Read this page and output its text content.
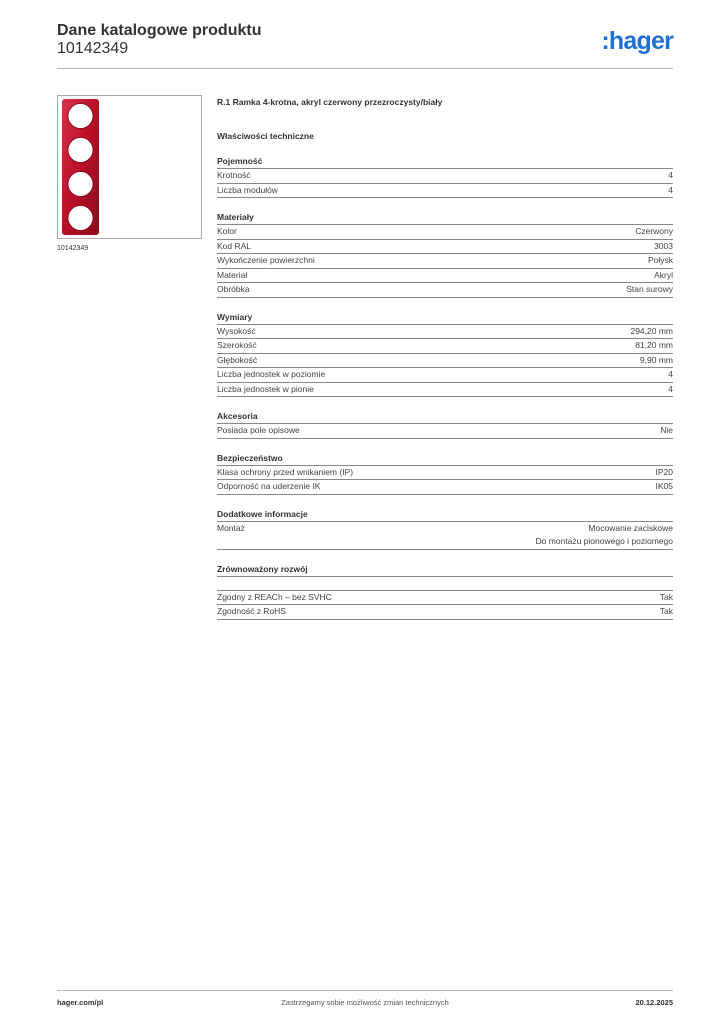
Dane katalogowe produktu
10142349	:hager
10142349
R.1 Ramka 4-krotna, akryl czerwony przezroczysty/biały
Właściwości techniczne
Pojemność
Krotność	4
Liczba modułów	4
Materiały
Kolor	Czerwony
Kod RAL	3003
Wykończenie powierzchni	Połysk
Materiał	Akryl
Obróbka	Stan surowy
Wymiary
Wysokość	294,20 mm
Szerokość	81,20 mm
Głębokość	9,90 mm
Liczba jednostek w poziomie	4
Liczba jednostek w pionie	4
Akcesoria
Posiada pole opisowe	Nie
Bezpieczeństwo
Klasa ochrony przed wnikaniem (IP)	IP20
Odporność na uderzenie IK	IK05
Dodatkowe informacje
Montaż	Mocowanie zaciskowe
Do montażu pionowego i poziomego
Zrównoważony rozwój
Zgodny z REACh – bez SVHC	Tak
Zgodność z RoHS	Tak
hager.com/pl	Zastrzegamy sobie możliwość zmian technicznych	20.12.2025
